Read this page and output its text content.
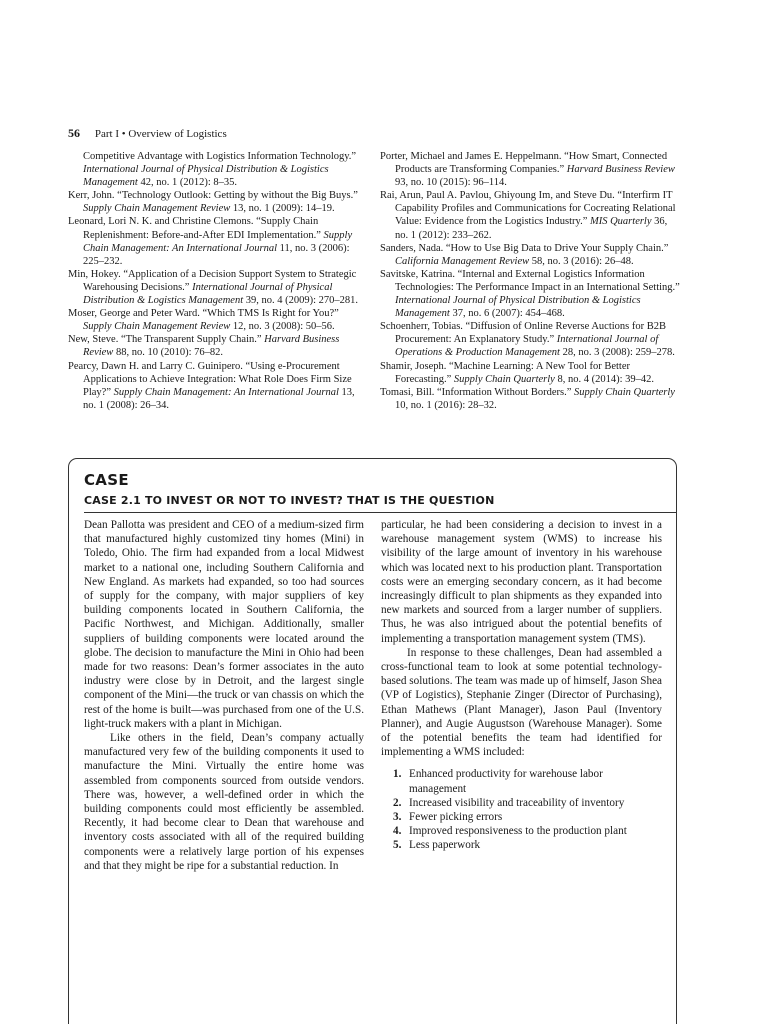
56 Part I • Overview of Logistics
Competitive Advantage with Logistics Information Technology.” International Journal of Physical Distribution & Logistics Management 42, no. 1 (2012): 8–35.
Kerr, John. “Technology Outlook: Getting by without the Big Buys.” Supply Chain Management Review 13, no. 1 (2009): 14–19.
Leonard, Lori N. K. and Christine Clemons. “Supply Chain Replenishment: Before-and-After EDI Implementation.” Supply Chain Management: An International Journal 11, no. 3 (2006): 225–232.
Min, Hokey. “Application of a Decision Support System to Strategic Warehousing Decisions.” International Journal of Physical Distribution & Logistics Management 39, no. 4 (2009): 270–281.
Moser, George and Peter Ward. “Which TMS Is Right for You?” Supply Chain Management Review 12, no. 3 (2008): 50–56.
New, Steve. “The Transparent Supply Chain.” Harvard Business Review 88, no. 10 (2010): 76–82.
Pearcy, Dawn H. and Larry C. Guinipero. “Using e-Procurement Applications to Achieve Integration: What Role Does Firm Size Play?” Supply Chain Management: An International Journal 13, no. 1 (2008): 26–34.
Porter, Michael and James E. Heppelmann. “How Smart, Connected Products are Transforming Companies.” Harvard Business Review 93, no. 10 (2015): 96–114.
Rai, Arun, Paul A. Pavlou, Ghiyoung Im, and Steve Du. “Interfirm IT Capability Profiles and Communications for Cocreating Relational Value: Evidence from the Logistics Industry.” MIS Quarterly 36, no. 1 (2012): 233–262.
Sanders, Nada. “How to Use Big Data to Drive Your Supply Chain.” California Management Review 58, no. 3 (2016): 26–48.
Savitske, Katrina. “Internal and External Logistics Information Technologies: The Performance Impact in an International Setting.” International Journal of Physical Distribution & Logistics Management 37, no. 6 (2007): 454–468.
Schoenherr, Tobias. “Diffusion of Online Reverse Auctions for B2B Procurement: An Explanatory Study.” International Journal of Operations & Production Management 28, no. 3 (2008): 259–278.
Shamir, Joseph. “Machine Learning: A New Tool for Better Forecasting.” Supply Chain Quarterly 8, no. 4 (2014): 39–42.
Tomasi, Bill. “Information Without Borders.” Supply Chain Quarterly 10, no. 1 (2016): 28–32.
CASE
CASE 2.1 TO INVEST OR NOT TO INVEST? THAT IS THE QUESTION

Dean Pallotta was president and CEO of a medium-sized firm that manufactured highly customized tiny homes (Mini) in Toledo, Ohio. The firm had expanded from a local Midwest market to a national one, including Southern California and New England. As markets had expanded, so too had sources of supply for the company, with major suppliers of key building components located in Southern California, the Pacific Northwest, and Michigan. Additionally, smaller suppliers of building components were located around the globe. The decision to manufacture the Mini in Ohio had been made for two reasons: Dean’s former associates in the auto industry were close by in Detroit, and the largest single component of the Mini—the truck or van chassis on which the rest of the home is built—was purchased from one of the U.S. light-truck makers with a plant in Michigan.

Like others in the field, Dean’s company actually manufactured very few of the building components it used to manufacture the Mini. Virtually the entire home was assembled from components sourced from outside vendors. There was, however, a well-defined order in which the building components could most efficiently be assembled. Recently, it had become clear to Dean that warehouse and inventory costs associated with all of the required building components were a relatively large portion of his expenses and that they might be ripe for a substantial reduction. In

particular, he had been considering a decision to invest in a warehouse management system (WMS) to increase his visibility of the large amount of inventory in his warehouse which was located next to his production plant. Transportation costs were an emerging secondary concern, as it had become increasingly difficult to plan shipments as they expanded into new markets and sourced from a larger number of suppliers. Thus, he was also intrigued about the potential benefits of implementing a transportation management system (TMS).

In response to these challenges, Dean had assembled a cross-functional team to look at some potential technology-based solutions. The team was made up of himself, Jason Shea (VP of Logistics), Stephanie Zinger (Director of Purchasing), Ethan Mathews (Plant Manager), Jason Paul (Inventory Planner), and Augie Augustson (Warehouse Manager). Some of the potential benefits the team had identified for implementing a WMS included:

1. Enhanced productivity for warehouse labor management
2. Increased visibility and traceability of inventory
3. Fewer picking errors
4. Improved responsiveness to the production plant
5. Less paperwork
